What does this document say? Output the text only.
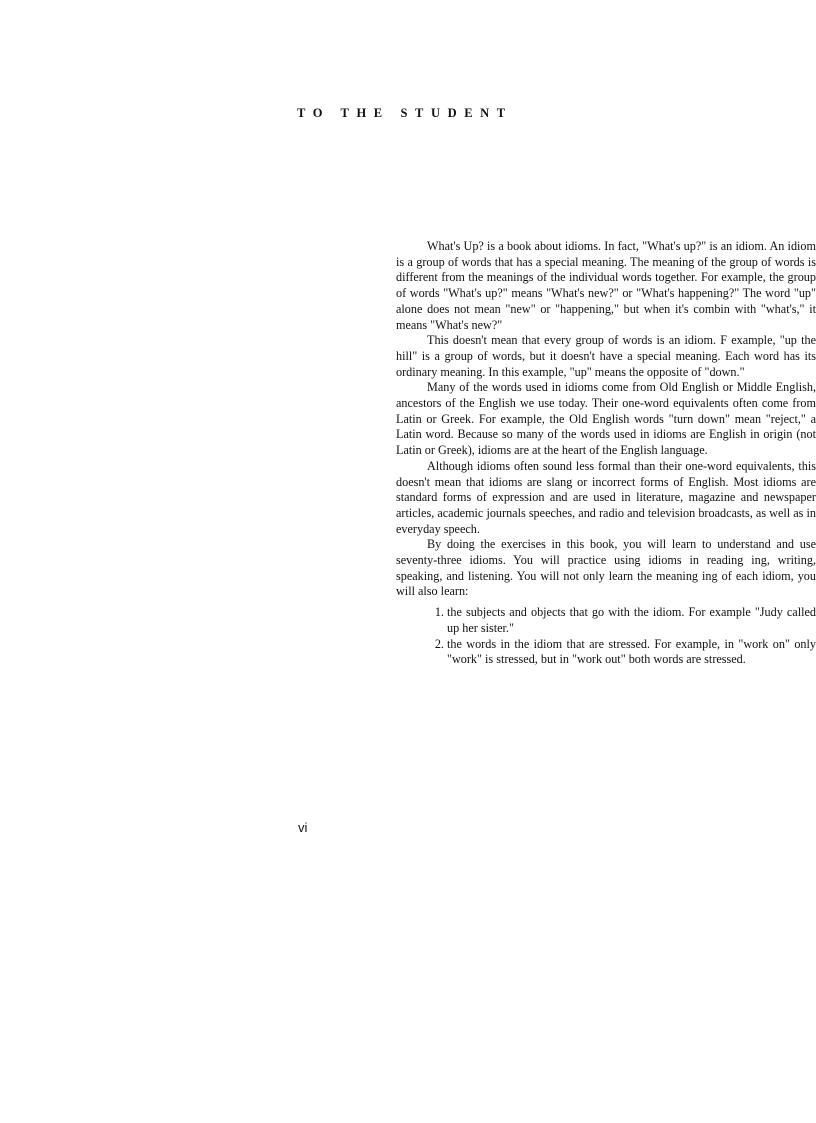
TO THE STUDENT

What's Up? is a book about idioms. In fact, "What's up?" is an idiom. An idiom is a group of words that has a special meaning. The meaning of the group of words is different from the meanings of the individual words together. For example, the group of words "What's up?" means "What's new?" or "What's happening?" The word "up" alone does not mean "new" or "happening," but when it's combin with "what's," it means "What's new?"

This doesn't mean that every group of words is an idiom. F example, "up the hill" is a group of words, but it doesn't have a special meaning. Each word has its ordinary meaning. In this example, "up" means the opposite of "down."

Many of the words used in idioms come from Old English or Middle English, ancestors of the English we use today. Their one-word equivalents often come from Latin or Greek. For example, the Old English words "turn down" mean "reject," a Latin word. Because so many of the words used in idioms are English in origin (not Latin or Greek), idioms are at the heart of the English language.

Although idioms often sound less formal than their one-word equivalents, this doesn't mean that idioms are slang or incorrect forms of English. Most idioms are standard forms of expression and are used in literature, magazine and newspaper articles, academic journals speeches, and radio and television broadcasts, as well as in everyday speech.

By doing the exercises in this book, you will learn to understand and use seventy-three idioms. You will practice using idioms in reading ing, writing, speaking, and listening. You will not only learn the meaning ing of each idiom, you will also learn:

1. the subjects and objects that go with the idiom. For example "Judy called up her sister."
2. the words in the idiom that are stressed. For example, in "work on" only "work" is stressed, but in "work out" both words are stressed.
vi
